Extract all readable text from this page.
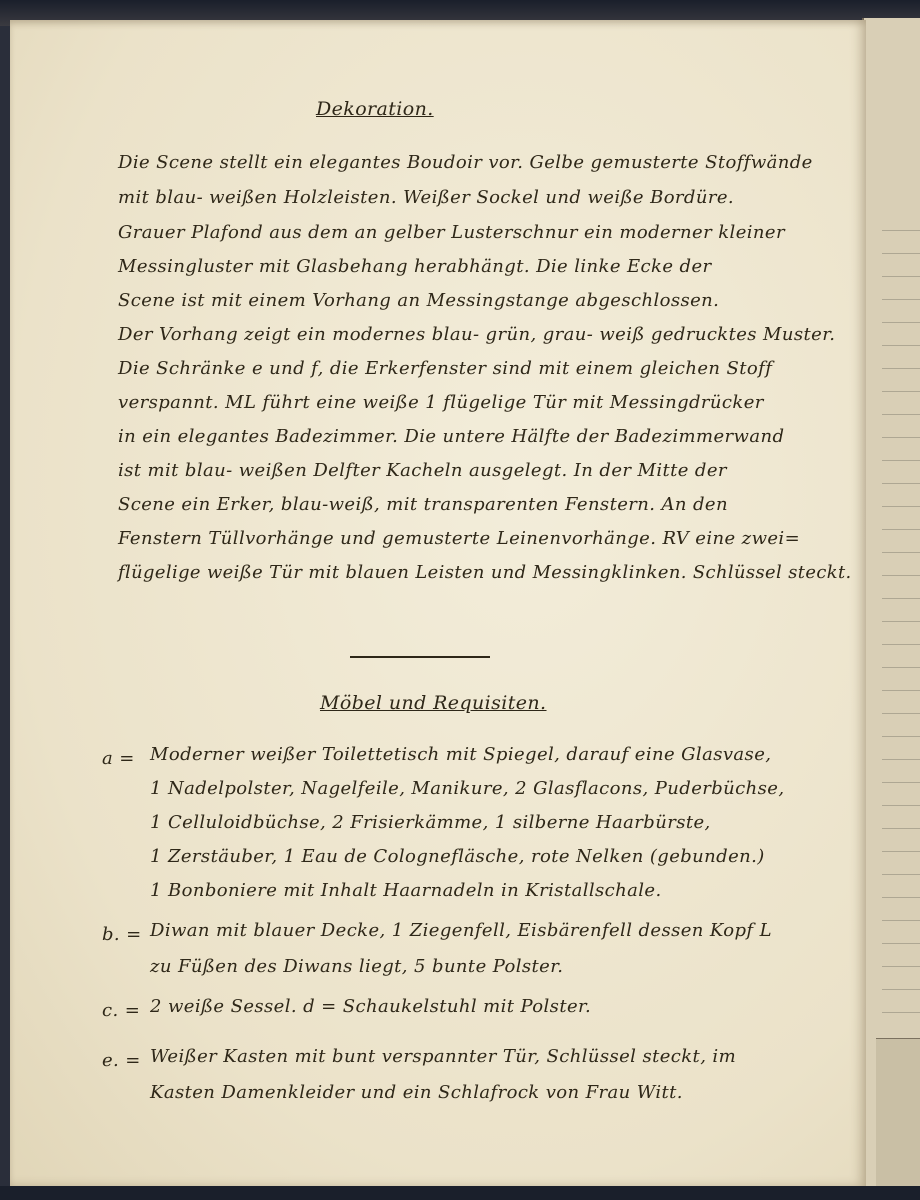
Dekoration.
Die Scene stellt ein elegantes Boudoir vor. Gelbe gemusterte Stoffwände
mit blau- weißen Holzleisten. Weißer Sockel und weiße Bordüre.
Grauer Plafond aus dem an gelber Lusterschnur ein moderner kleiner
Messingluster mit Glasbehang herabhängt. Die linke Ecke der
Scene ist mit einem Vorhang an Messingstange abgeschlossen.
Der Vorhang zeigt ein modernes blau- grün, grau- weiß gedrucktes Muster.
Die Schränke e und f, die Erkerfenster sind mit einem gleichen Stoff
verspannt. ML führt eine weiße 1 flügelige Tür mit Messingdrücker
in ein elegantes Badezimmer. Die untere Hälfte der Badezimmerwand
ist mit blau- weißen Delfter Kacheln ausgelegt. In der Mitte der
Scene ein Erker, blau-weiß, mit transparenten Fenstern. An den
Fenstern Tüllvorhänge und gemusterte Leinenvorhänge. RV eine zwei=
flügelige weiße Tür mit blauen Leisten und Messingklinken. Schlüssel steckt.
Möbel und Requisiten.
a = Moderner weißer Toilettetisch mit Spiegel, darauf eine Glasvase,
1 Nadelpolster, Nagelfeile, Manikure, 2 Glasflacons, Puderbüchse,
1 Celluloidbüchse, 2 Frisierkämme, 1 silberne Haarbürste,
1 Zerstäuber, 1 Eau de Colognefläsche, rote Nelken (gebunden.)
1 Bonboniere mit Inhalt Haarnadeln in Kristallschale.
b. = Diwan mit blauer Decke, 1 Ziegenfell, Eisbärenfell dessen Kopf L
zu Füßen des Diwans liegt, 5 bunte Polster.
c. = 2 weiße Sessel. d = Schaukelstuhl mit Polster.
e. = Weißer Kasten mit bunt verspannter Tür, Schlüssel steckt, im
Kasten Damenkleider und ein Schlafrock von Frau Witt.
